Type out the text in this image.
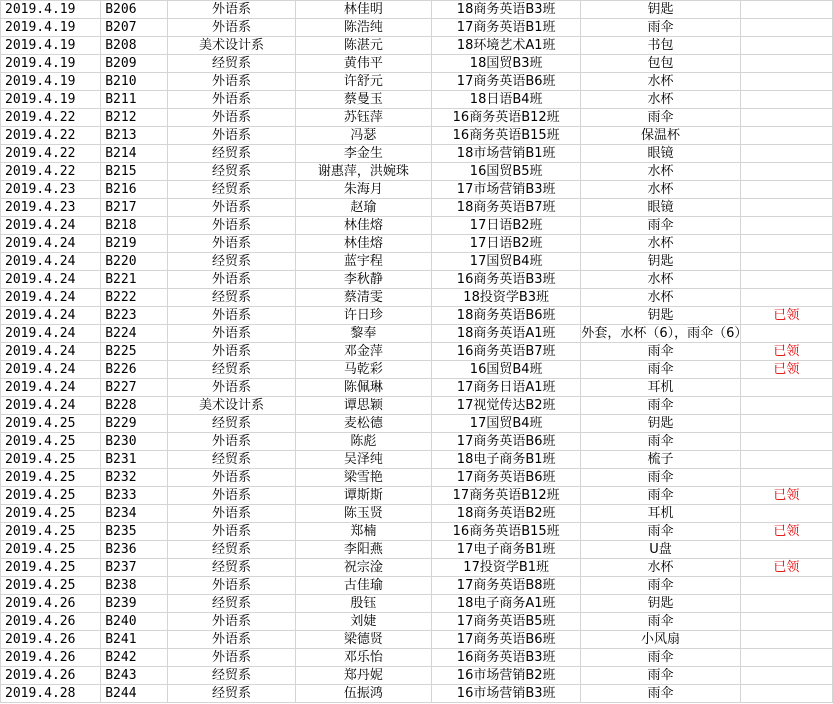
2019.4.19	B206	外语系	林佳明	18商务英语B3班	钥匙	
2019.4.19	B207	外语系	陈浩纯	17商务英语B1班	雨伞	
2019.4.19	B208	美术设计系	陈湛元	18环境艺术A1班	书包	
2019.4.19	B209	经贸系	黄伟平	18国贸B3班	包包	
2019.4.19	B210	外语系	许舒元	17商务英语B6班	水杯	
2019.4.19	B211	外语系	蔡曼玉	18日语B4班	水杯	
2019.4.22	B212	外语系	苏钰萍	16商务英语B12班	雨伞	
2019.4.22	B213	外语系	冯瑟	16商务英语B15班	保温杯	
2019.4.22	B214	经贸系	李金生	18市场营销B1班	眼镜	
2019.4.22	B215	经贸系	谢惠萍，洪婉珠	16国贸B5班	水杯	
2019.4.23	B216	经贸系	朱海月	17市场营销B3班	水杯	
2019.4.23	B217	外语系	赵瑜	18商务英语B7班	眼镜	
2019.4.24	B218	外语系	林佳熔	17日语B2班	雨伞	
2019.4.24	B219	外语系	林佳熔	17日语B2班	水杯	
2019.4.24	B220	经贸系	蓝宇程	17国贸B4班	钥匙	
2019.4.24	B221	外语系	李秋静	16商务英语B3班	水杯	
2019.4.24	B222	经贸系	蔡清雯	18投资学B3班	水杯	
2019.4.24	B223	外语系	许日珍	18商务英语B6班	钥匙	已领
2019.4.24	B224	外语系	黎奉	18商务英语A1班	外套，水杯（6），雨伞（6）	
2019.4.24	B225	外语系	邓金萍	16商务英语B7班	雨伞	已领
2019.4.24	B226	经贸系	马乾彩	16国贸B4班	雨伞	已领
2019.4.24	B227	外语系	陈佩琳	17商务日语A1班	耳机	
2019.4.24	B228	美术设计系	谭思颖	17视觉传达B2班	雨伞	
2019.4.25	B229	经贸系	麦松德	17国贸B4班	钥匙	
2019.4.25	B230	外语系	陈彪	17商务英语B6班	雨伞	
2019.4.25	B231	经贸系	吴泽纯	18电子商务B1班	梳子	
2019.4.25	B232	外语系	梁雪艳	17商务英语B6班	雨伞	
2019.4.25	B233	外语系	谭斯斯	17商务英语B12班	雨伞	已领
2019.4.25	B234	外语系	陈玉贤	18商务英语B2班	耳机	
2019.4.25	B235	外语系	郑楠	16商务英语B15班	雨伞	已领
2019.4.25	B236	经贸系	李阳燕	17电子商务B1班	U盘	
2019.4.25	B237	经贸系	祝宗淦	17投资学B1班	水杯	已领
2019.4.25	B238	外语系	古佳瑜	17商务英语B8班	雨伞	
2019.4.26	B239	经贸系	殷钰	18电子商务A1班	钥匙	
2019.4.26	B240	外语系	刘婕	17商务英语B5班	雨伞	
2019.4.26	B241	外语系	梁德贤	17商务英语B6班	小风扇	
2019.4.26	B242	外语系	邓乐怡	16商务英语B3班	雨伞	
2019.4.26	B243	经贸系	郑丹妮	16市场营销B2班	雨伞	
2019.4.28	B244	经贸系	伍振鸿	16市场营销B3班	雨伞	
